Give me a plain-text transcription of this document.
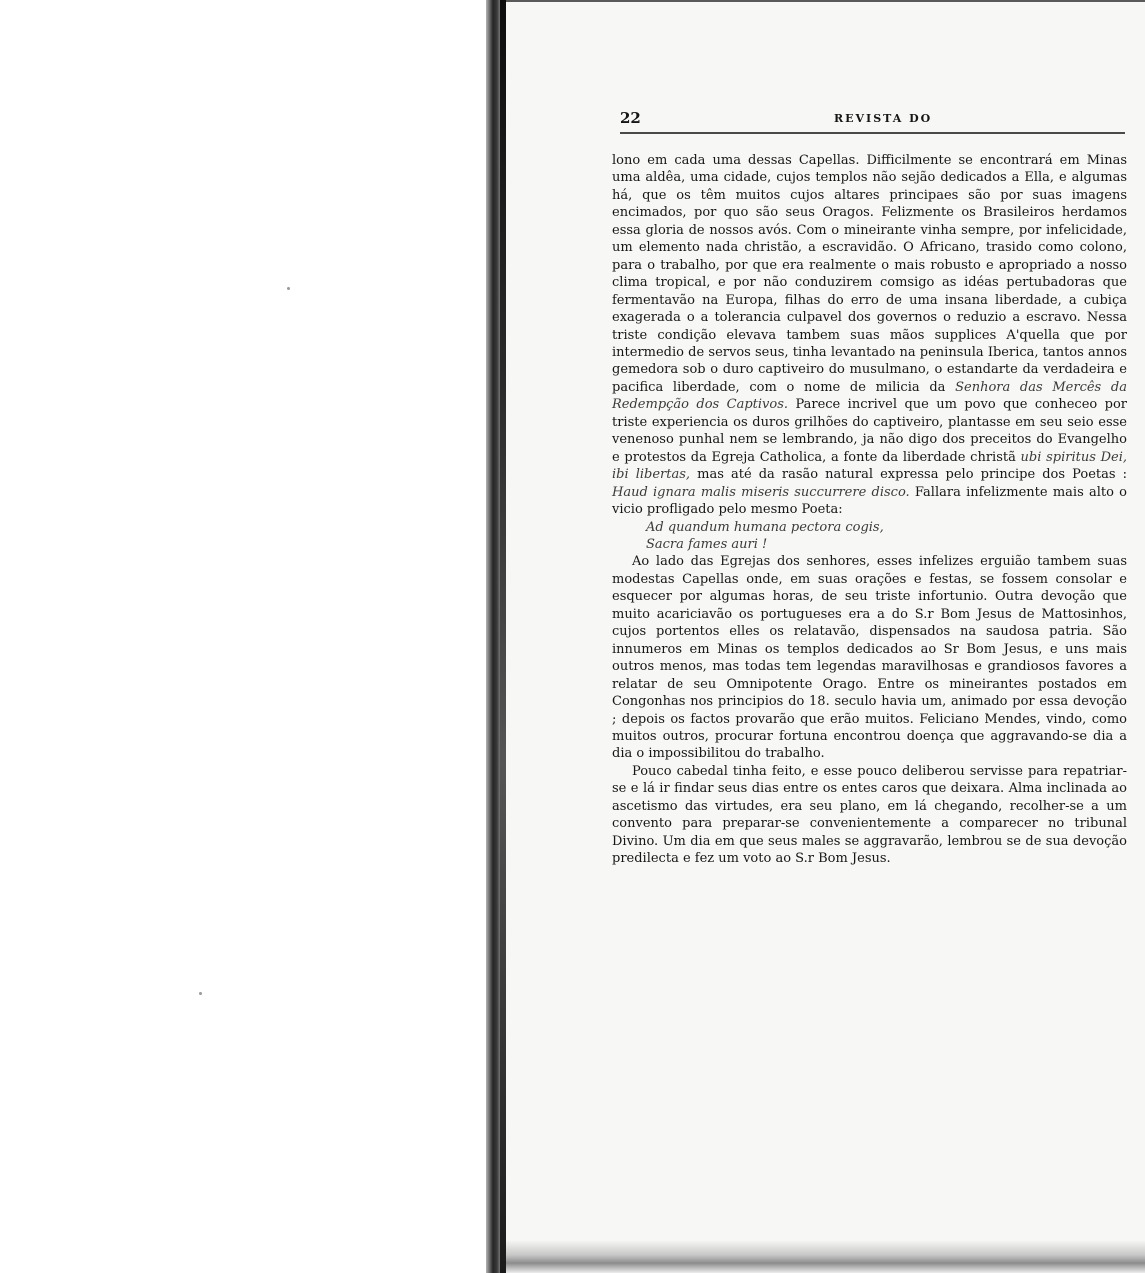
22	REVISTA DO

lono em cada uma dessas Capellas. Difficilmente se encontrará em Minas uma aldêa, uma cidade, cujos templos não sejão dedicados a Ella, e algumas há, que os têm muitos cujos altares principaes são por suas imagens encimados, por quo são seus Oragos. Felizmente os Brasileiros herdamos essa gloria de nossos avós. Com o mineirante vinha sempre, por infelicidade, um elemento nada christão, a escravidão. O Africano, trasido como colono, para o trabalho, por que era realmente o mais robusto e apropriado a nosso clima tropical, e por não conduzirem comsigo as idéas pertubadoras que fermentavão na Europa, filhas do erro de uma insana liberdade, a cubiça exagerada o a tolerancia culpavel dos governos o reduzio a escravo. Nessa triste condição elevava tambem suas mãos supplices A'quella que por intermedio de servos seus, tinha levantado na peninsula Iberica, tantos annos gemedora sob o duro captiveiro do musulmano, o estandarte da verdadeira e pacifica liberdade, com o nome de milicia da Senhora das Mercês da Redempção dos Captivos. Parece incrivel que um povo que conheceo por triste experiencia os duros grilhões do captiveiro, plantasse em seu seio esse venenoso punhal nem se lembrando, ja não digo dos preceitos do Evangelho e protestos da Egreja Catholica, a fonte da liberdade christã ubi spiritus Dei, ibi libertas, mas até da rasão natural expressa pelo principe dos Poetas : Haud ignara malis miseris succurrere disco. Fallara infelizmente mais alto o vicio profligado pelo mesmo Poeta:

Ad quandum humana pectora cogis,

Sacra fames auri !

Ao lado das Egrejas dos senhores, esses infelizes erguião tambem suas modestas Capellas onde, em suas orações e festas, se fossem consolar e esquecer por algumas horas, de seu triste infortunio. Outra devoção que muito acariciavão os portugueses era a do S.r Bom Jesus de Mattosinhos, cujos portentos elles os relatavão, dispensados na saudosa patria. São innumeros em Minas os templos dedicados ao Sr Bom Jesus, e uns mais outros menos, mas todas tem legendas maravilhosas e grandiosos favores a relatar de seu Omnipotente Orago. Entre os mineirantes postados em Congonhas nos principios do 18. seculo havia um, animado por essa devoção ; depois os factos provarão que erão muitos. Feliciano Mendes, vindo, como muitos outros, procurar fortuna encontrou doença que aggravando-se dia a dia o impossibilitou do trabalho.

Pouco cabedal tinha feito, e esse pouco deliberou servisse para repatriar-se e lá ir findar seus dias entre os entes caros que deixara. Alma inclinada ao ascetismo das virtudes, era seu plano, em lá chegando, recolher-se a um convento para preparar-se convenientemente a comparecer no tribunal Divino. Um dia em que seus males se aggravarão, lembrou se de sua devoção predilecta e fez um voto ao S.r Bom Jesus.
